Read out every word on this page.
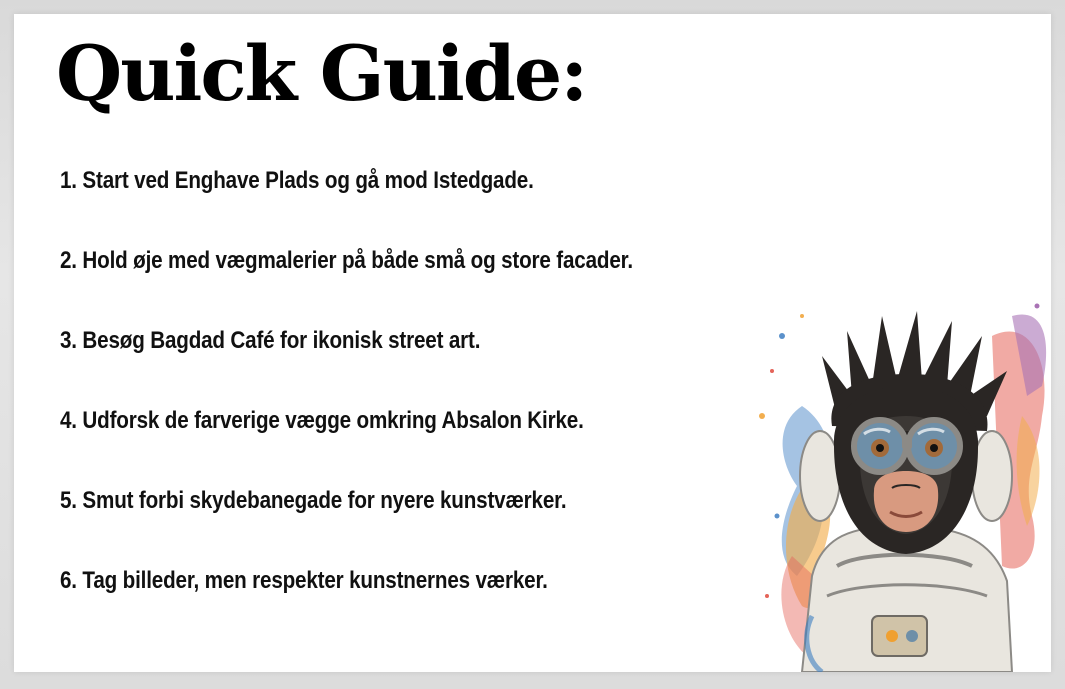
Quick Guide:
1. Start ved Enghave Plads og gå mod Istedgade.
2. Hold øje med vægmalerier på både små og store facader.
3. Besøg Bagdad Café for ikonisk street art.
4. Udforsk de farverige vægge omkring Absalon Kirke.
5. Smut forbi skydebanegade for nyere kunstværker.
6. Tag billeder, men respekter kunstnernes værker.
